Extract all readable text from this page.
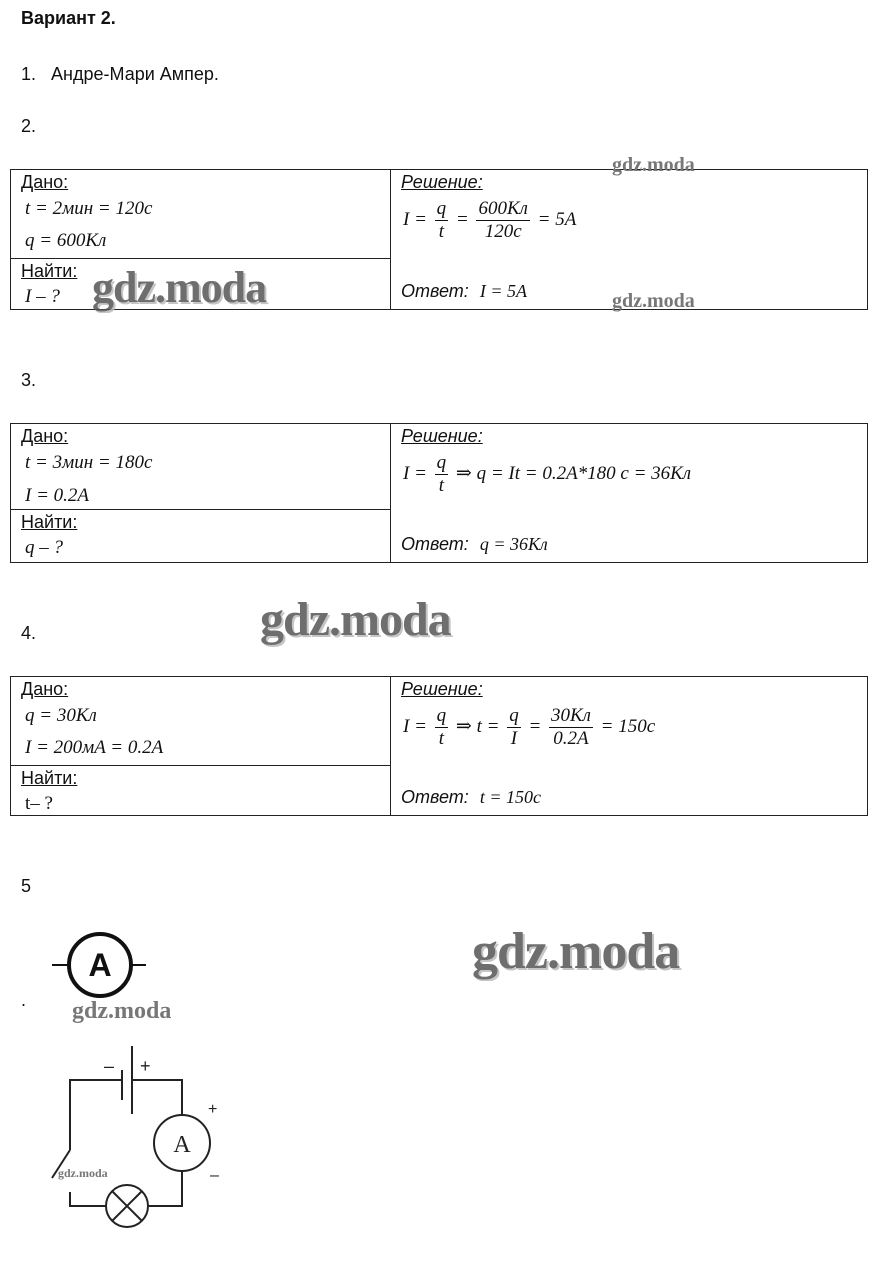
Вариант 2.
1. Андре-Мари Ампер.
2.
Дано:
t = 2мин = 120с
q = 600Кл
Найти:
I – ?
Решение:
$I = \frac{q}{t} = \frac{600Кл}{120с} = 5A$
Ответ: I = 5A
3.
Дано:
t = 3мин = 180с
I = 0.2A
Найти:
q – ?
Решение:
$I = \frac{q}{t}$ ⇒ q = It = 0.2A*180 с = 36Кл
Ответ: q = 36Кл
4.
Дано:
q = 30Кл
I = 200мA = 0.2A
Найти:
t– ?
Решение:
$I = \frac{q}{t}$ ⇒ $t = \frac{q}{I} = \frac{30Кл}{0.2A} = 150с$
Ответ: t = 150с
5
.
A
– +
A
+
–
gdz.moda
gdz.moda	gdz.moda
gdz.moda
gdz.moda
gdz.moda
gdz.moda
